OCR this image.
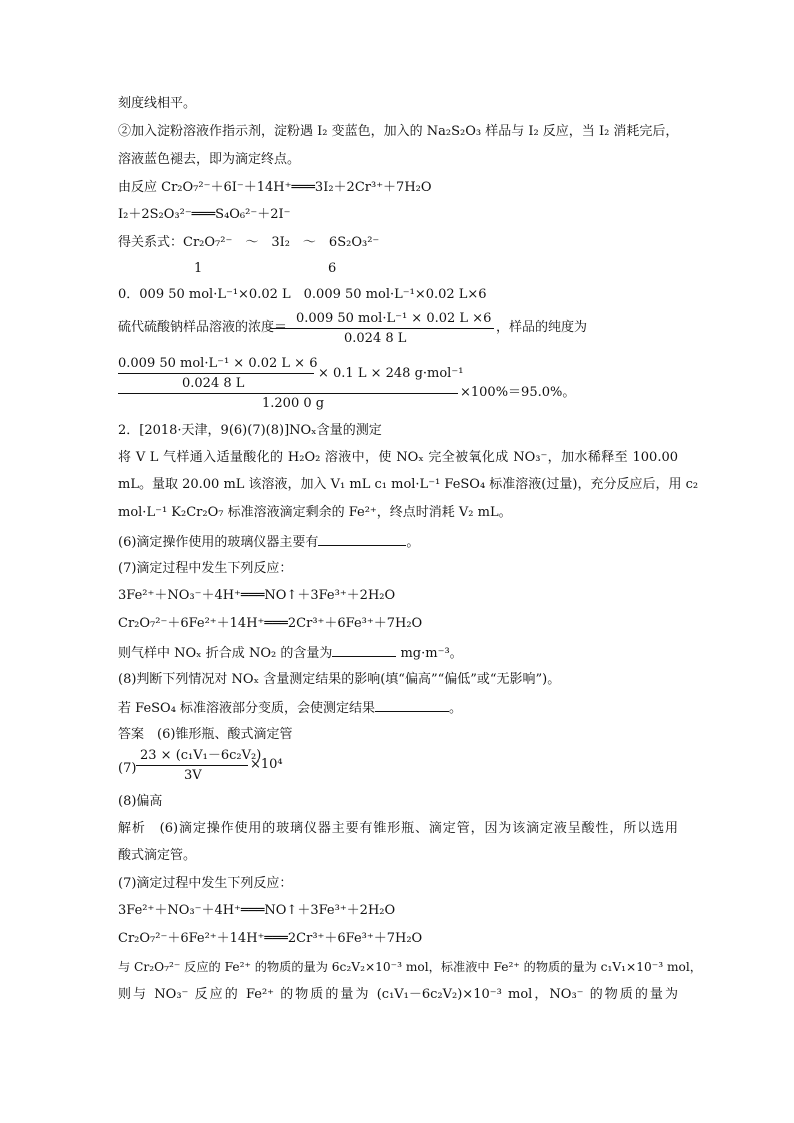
刻度线相平。
②加入淀粉溶液作指示剂，淀粉遇 I₂ 变蓝色，加入的 Na₂S₂O₃ 样品与 I₂ 反应，当 I₂ 消耗完后，
溶液蓝色褪去，即为滴定终点。
由反应 Cr₂O₇²⁻＋6I⁻＋14H⁺═══3I₂＋2Cr³⁺＋7H₂O
I₂＋2S₂O₃²⁻═══S₄O₆²⁻＋2I⁻
得关系式：Cr₂O₇²⁻　～　3I₂　～　6S₂O₃²⁻
1	6
0．009 50 mol·L⁻¹×0.02 L　0.009 50 mol·L⁻¹×0.02 L×6
硫代硫酸钠样品溶液的浓度＝
0.009 50 mol·L⁻¹ × 0.02 L ×6
0.024 8 L
，样品的纯度为
0.009 50 mol·L⁻¹ × 0.02 L × 6
0.024 8 L
× 0.1 L × 248 g·mol⁻¹
1.200 0 g
×100%＝95.0%。
2．[2018·天津，9(6)(7)(8)]NOₓ含量的测定
将 V L 气样通入适量酸化的 H₂O₂ 溶液中，使 NOₓ 完全被氧化成 NO₃⁻，加水稀释至 100.00
mL。量取 20.00 mL 该溶液，加入 V₁ mL c₁ mol·L⁻¹ FeSO₄ 标准溶液(过量)，充分反应后，用 c₂
mol·L⁻¹ K₂Cr₂O₇ 标准溶液滴定剩余的 Fe²⁺，终点时消耗 V₂ mL。
(6)滴定操作使用的玻璃仪器主要有	。
(7)滴定过程中发生下列反应：
3Fe²⁺＋NO₃⁻＋4H⁺═══NO↑＋3Fe³⁺＋2H₂O
Cr₂O₇²⁻＋6Fe²⁺＋14H⁺═══2Cr³⁺＋6Fe³⁺＋7H₂O
则气样中 NOₓ 折合成 NO₂ 的含量为	mg·m⁻³。
(8)判断下列情况对 NOₓ 含量测定结果的影响(填“偏高”“偏低”或“无影响”)。
若 FeSO₄ 标准溶液部分变质，会使测定结果	。
答案　 (6)锥形瓶、酸式滴定管
(7)
23 × (c₁V₁－6c₂V₂)
3V
×10⁴
(8)偏高
解析　 (6)滴定操作使用的玻璃仪器主要有锥形瓶、滴定管，因为该滴定液呈酸性，所以选用
酸式滴定管。
(7)滴定过程中发生下列反应：
3Fe²⁺＋NO₃⁻＋4H⁺═══NO↑＋3Fe³⁺＋2H₂O
Cr₂O₇²⁻＋6Fe²⁺＋14H⁺═══2Cr³⁺＋6Fe³⁺＋7H₂O
与 Cr₂O₇²⁻ 反应的 Fe²⁺ 的物质的量为 6c₂V₂×10⁻³ mol，标准液中 Fe²⁺ 的物质的量为 c₁V₁×10⁻³ mol，
则与 NO₃⁻ 反应的 Fe²⁺ 的物质的量为 (c₁V₁－6c₂V₂)×10⁻³ mol，NO₃⁻ 的物质的量为
